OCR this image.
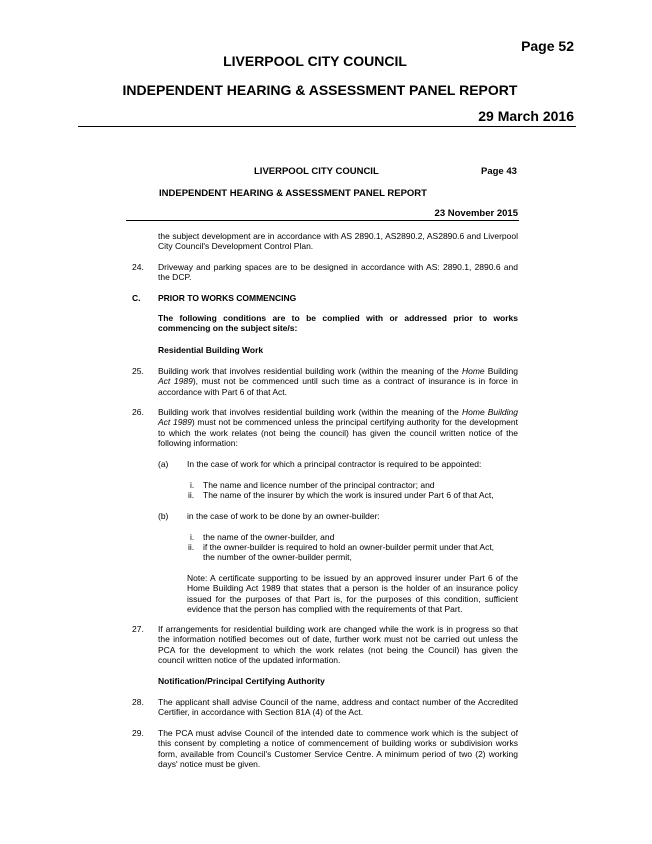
Page 52
LIVERPOOL CITY COUNCIL
INDEPENDENT HEARING & ASSESSMENT PANEL REPORT
29 March 2016
LIVERPOOL CITY COUNCIL	Page 43
INDEPENDENT HEARING & ASSESSMENT PANEL REPORT
23 November 2015
the subject development are in accordance with AS 2890.1, AS2890.2, AS2890.6 and Liverpool City Council's Development Control Plan.
24. Driveway and parking spaces are to be designed in accordance with AS: 2890.1, 2890.6 and the DCP.
C. PRIOR TO WORKS COMMENCING
The following conditions are to be complied with or addressed prior to works commencing on the subject site/s:
Residential Building Work
25. Building work that involves residential building work (within the meaning of the Home Building Act 1989), must not be commenced until such time as a contract of insurance is in force in accordance with Part 6 of that Act.
26. Building work that involves residential building work (within the meaning of the Home Building Act 1989) must not be commenced unless the principal certifying authority for the development to which the work relates (not being the council) has given the council written notice of the following information:
(a) In the case of work for which a principal contractor is required to be appointed:
i. The name and licence number of the principal contractor; and
ii. The name of the insurer by which the work is insured under Part 6 of that Act,
(b) in the case of work to be done by an owner-builder:
i. the name of the owner-builder, and
ii. if the owner-builder is required to hold an owner-builder permit under that Act, the number of the owner-builder permit,
Note: A certificate supporting to be issued by an approved insurer under Part 6 of the Home Building Act 1989 that states that a person is the holder of an insurance policy issued for the purposes of that Part is, for the purposes of this condition, sufficient evidence that the person has complied with the requirements of that Part.
27. If arrangements for residential building work are changed while the work is in progress so that the information notified becomes out of date, further work must not be carried out unless the PCA for the development to which the work relates (not being the Council) has given the council written notice of the updated information.
Notification/Principal Certifying Authority
28. The applicant shall advise Council of the name, address and contact number of the Accredited Certifier, in accordance with Section 81A (4) of the Act.
29. The PCA must advise Council of the intended date to commence work which is the subject of this consent by completing a notice of commencement of building works or subdivision works form, available from Council's Customer Service Centre. A minimum period of two (2) working days' notice must be given.
